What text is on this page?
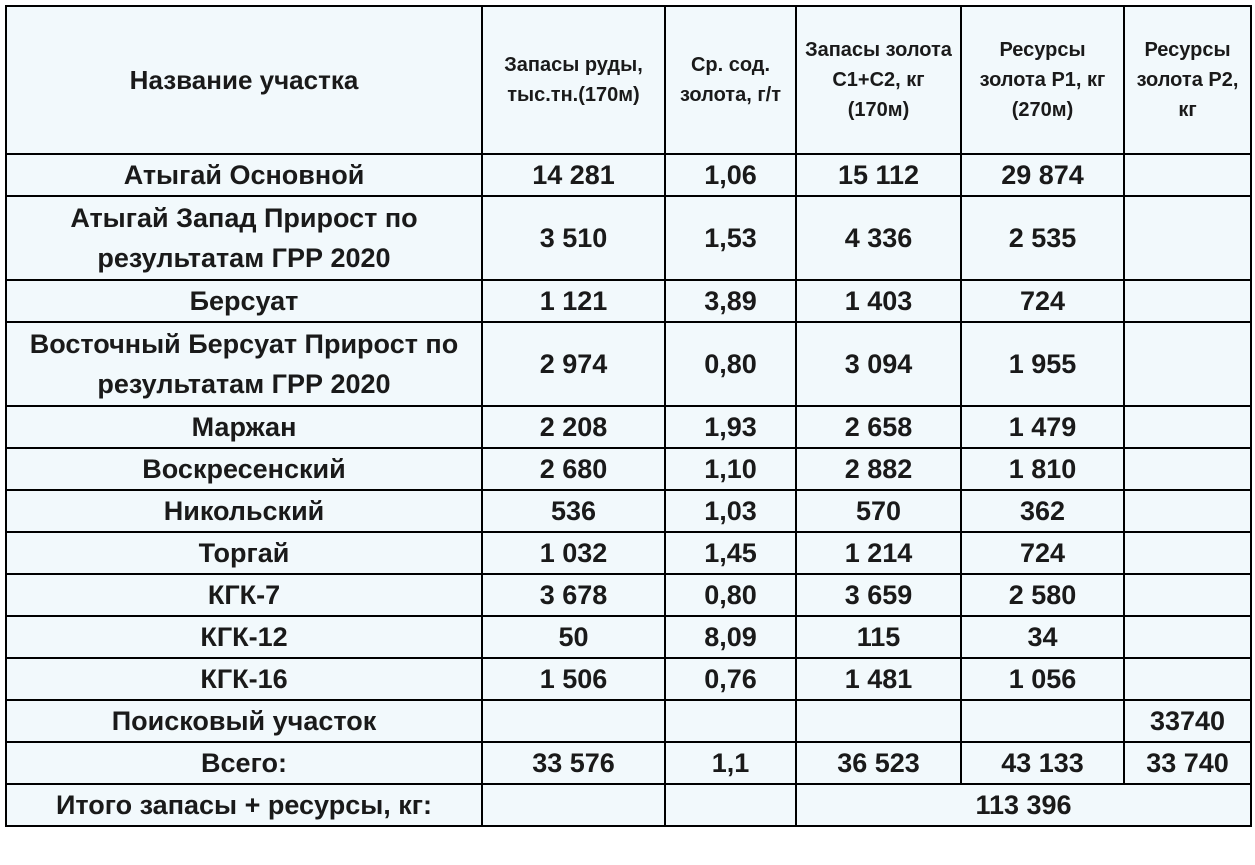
Название участка	Запасы руды, тыс.тн.(170м)	Ср. сод. золота, г/т	Запасы золота С1+С2, кг (170м)	Ресурсы золота Р1, кг (270м)	Ресурсы золота Р2, кг
Атыгай Основной	14 281	1,06	15 112	29 874	
Атыгай Запад Прирост по результатам ГРР 2020	3 510	1,53	4 336	2 535	
Берсуат	1 121	3,89	1 403	724	
Восточный Берсуат Прирост по результатам ГРР 2020	2 974	0,80	3 094	1 955	
Маржан	2 208	1,93	2 658	1 479	
Воскресенский	2 680	1,10	2 882	1 810	
Никольский	536	1,03	570	362	
Торгай	1 032	1,45	1 214	724	
КГК-7	3 678	0,80	3 659	2 580	
КГК-12	50	8,09	115	34	
КГК-16	1 506	0,76	1 481	1 056	
Поисковый участок					33740
Всего:	33 576	1,1	36 523	43 133	33 740
Итого запасы + ресурсы, кг:			113 396		
